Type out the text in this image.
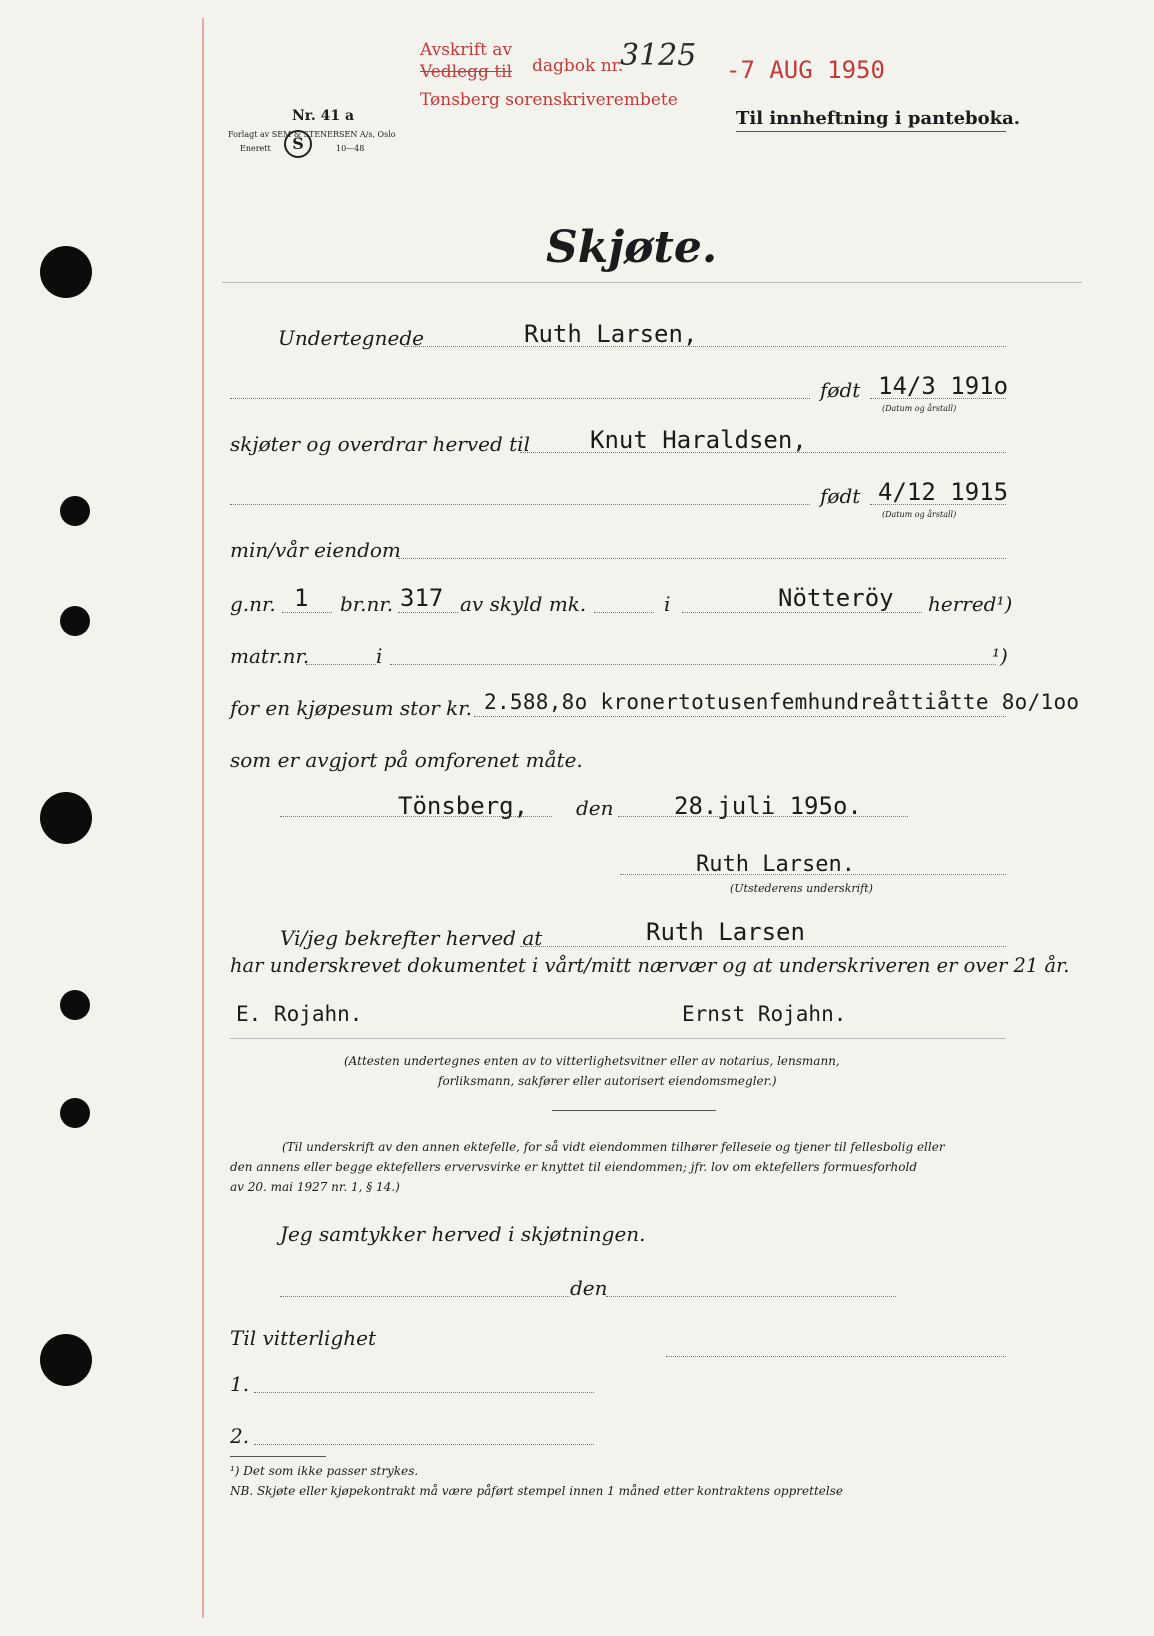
Avskrift av
Vedlegg til dagbok nr.
3125 -7 AUG 1950
Tønsberg sorenskriverembete
Nr. 41 a
Forlagt av SEM & STENERSEN A/s, Oslo
Enerett	S	10—48
Til innheftning i panteboka.
Skjøte.
Undertegnede	Ruth Larsen,
født 14/3 191o
(Datum og årstall)
skjøter og overdrar herved til	Knut Haraldsen,
født 4/12 1915
(Datum og årstall)
min/vår eiendom
g.nr. 1 br.nr. 317 av skyld mk.	i	Nötteröy herred¹)
matr.nr.	i	¹)
for en kjøpesum stor kr. 2.588,8o kronertotusenfemhundreåttiåtte 8o/1oo
som er avgjort på omforenet måte.
Tönsberg, den	28.juli 195o.
Ruth Larsen.
(Utstederens underskrift)
Vi/jeg bekrefter herved at	Ruth Larsen
har underskrevet dokumentet i vårt/mitt nærvær og at underskriveren er over 21 år.
E. Rojahn.	Ernst Rojahn.
(Attesten undertegnes enten av to vitterlighetsvitner eller av notarius, lensmann,
forliksmann, sakfører eller autorisert eiendomsmegler.)
(Til underskrift av den annen ektefelle, for så vidt eiendommen tilhører felleseie og tjener til fellesbolig eller
den annens eller begge ektefellers ervervsvirke er knyttet til eiendommen; jfr. lov om ektefellers formuesforhold
av 20. mai 1927 nr. 1, § 14.)
Jeg samtykker herved i skjøtningen.
den
Til vitterlighet
1.
2.
¹) Det som ikke passer strykes.
NB. Skjøte eller kjøpekontrakt må være påført stempel innen 1 måned etter kontraktens opprettelse
